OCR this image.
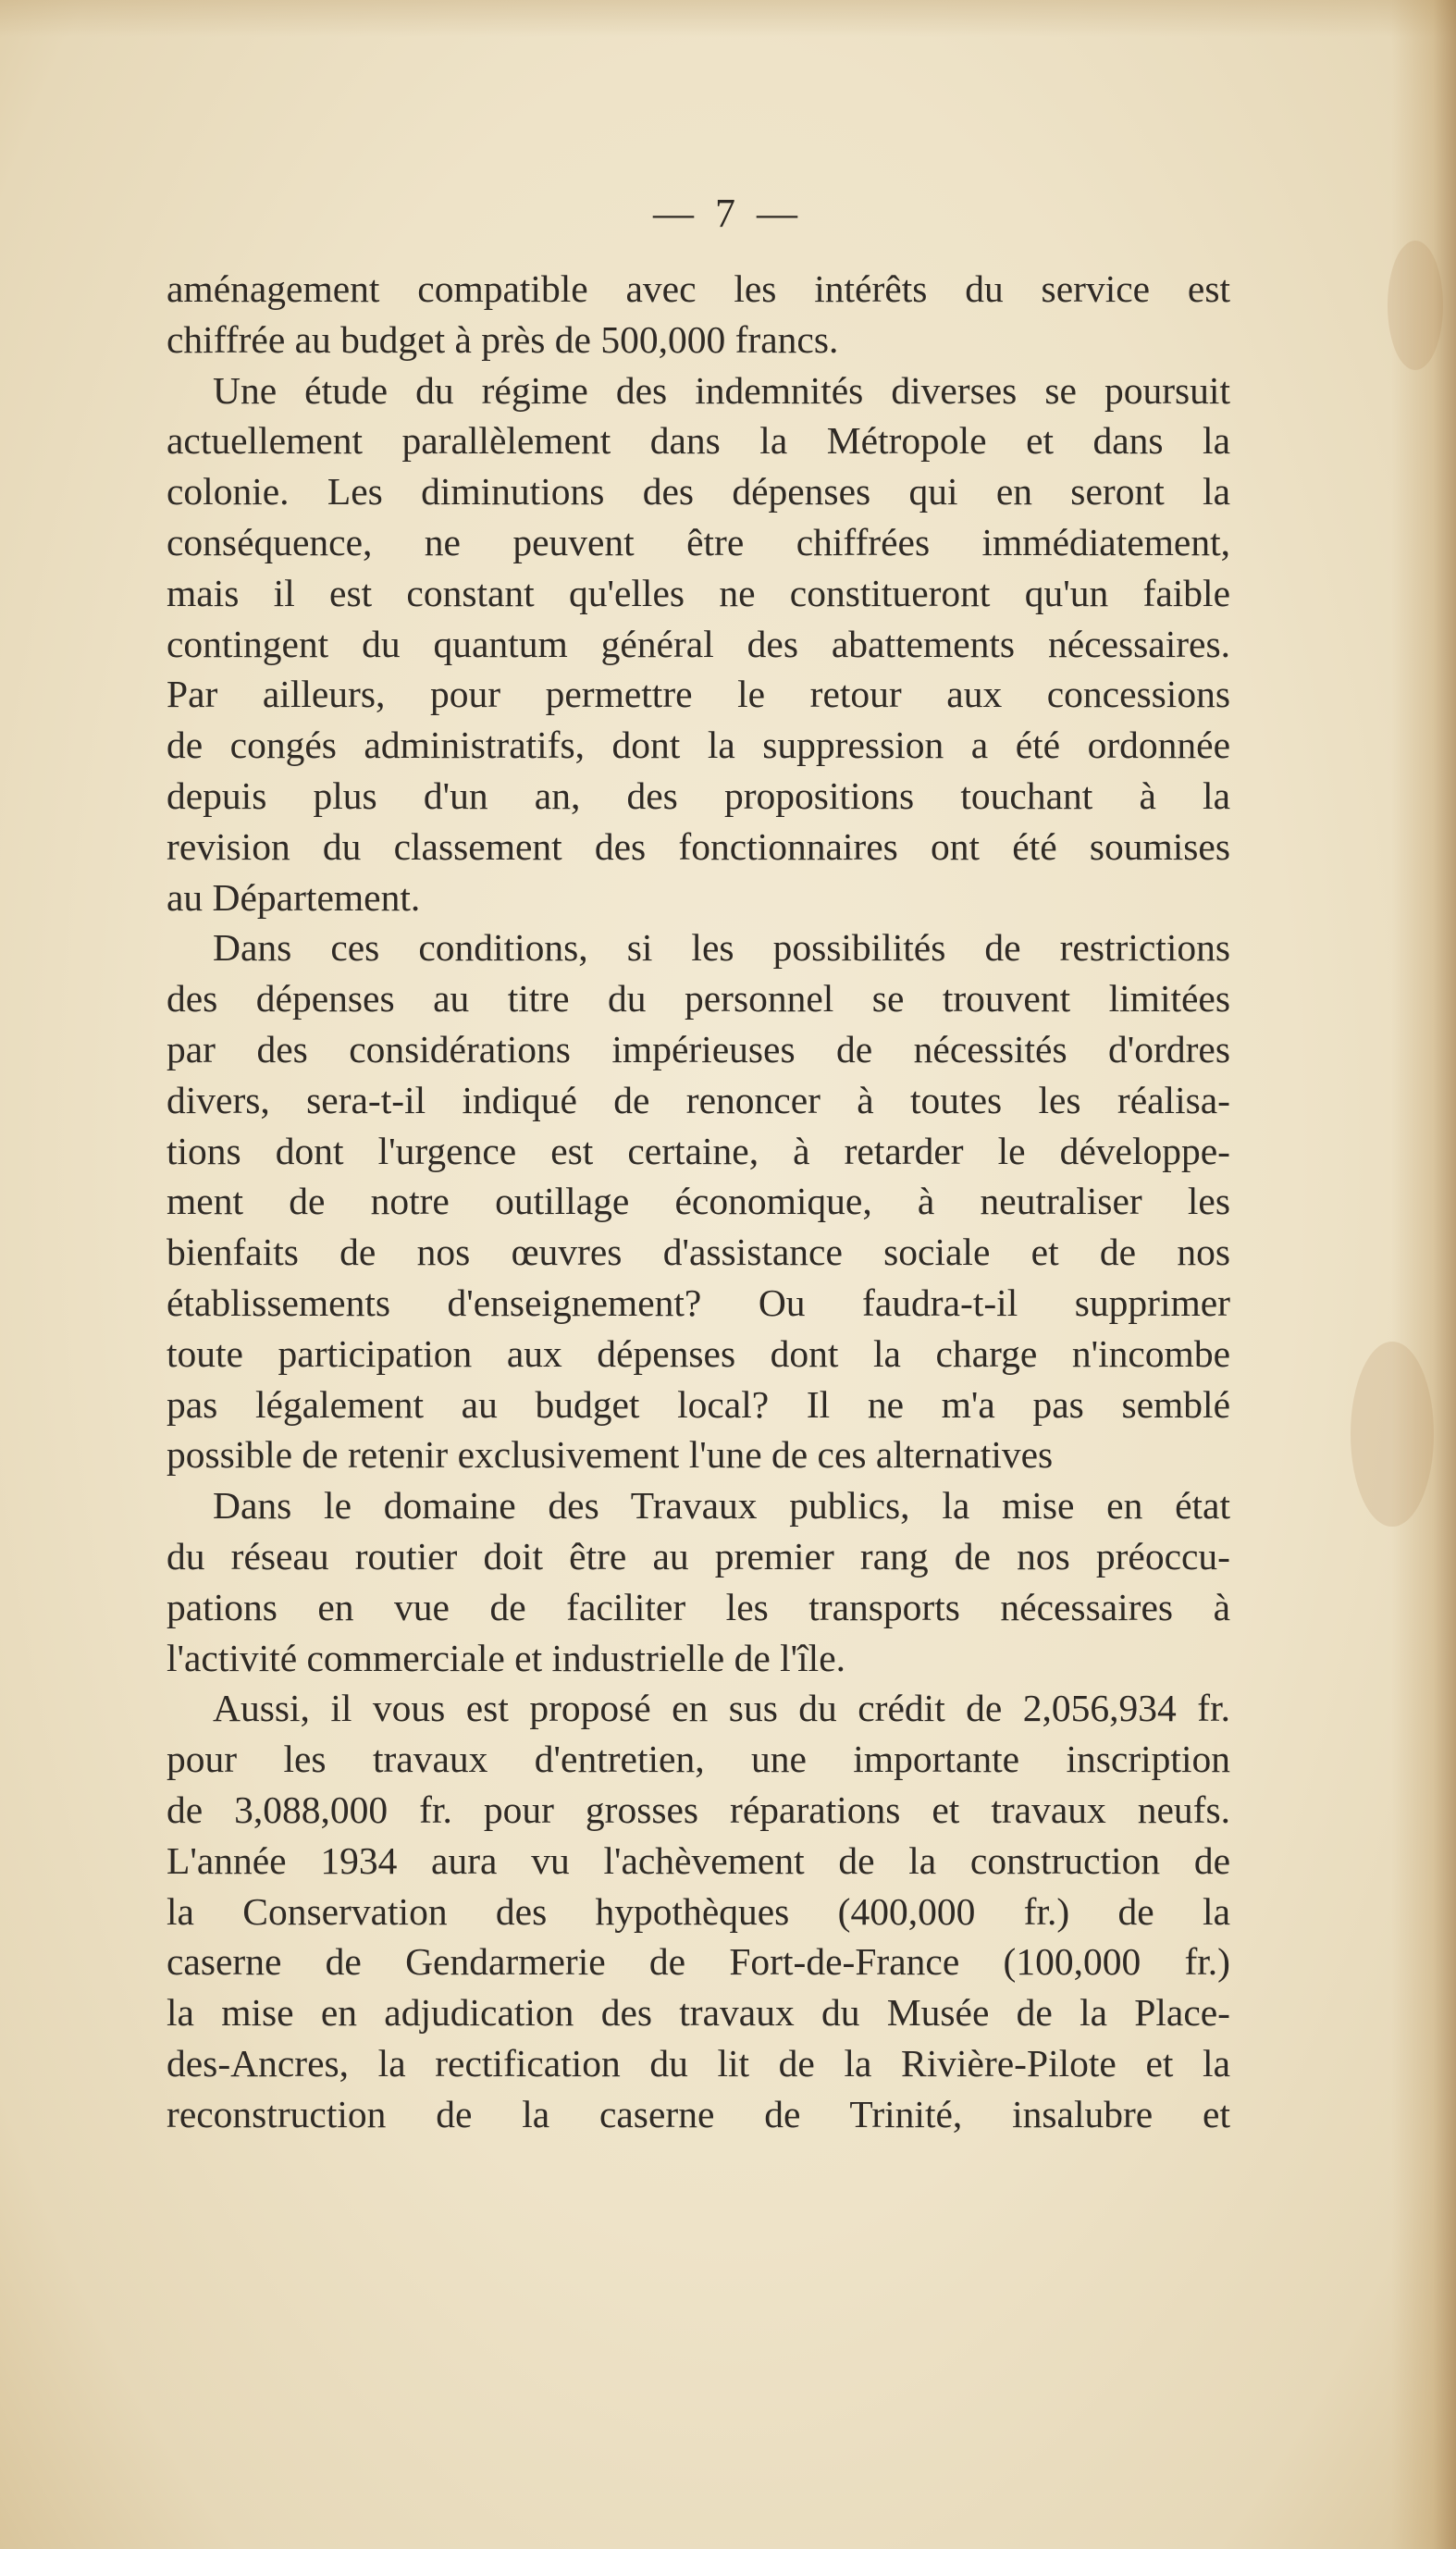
— 7 —
aménagement compatible avec les intérêts du service est
chiffrée au budget à près de 500,000 francs.
Une étude du régime des indemnités diverses se poursuit
actuellement parallèlement dans la Métropole et dans la
colonie. Les diminutions des dépenses qui en seront la
conséquence, ne peuvent être chiffrées immédiatement,
mais il est constant qu'elles ne constitueront qu'un faible
contingent du quantum général des abattements nécessaires.
Par ailleurs, pour permettre le retour aux concessions
de congés administratifs, dont la suppression a été ordonnée
depuis plus d'un an, des propositions touchant à la
revision du classement des fonctionnaires ont été soumises
au Département.
Dans ces conditions, si les possibilités de restrictions
des dépenses au titre du personnel se trouvent limitées
par des considérations impérieuses de nécessités d'ordres
divers, sera-t-il indiqué de renoncer à toutes les réalisa-
tions dont l'urgence est certaine, à retarder le développe-
ment de notre outillage économique, à neutraliser les
bienfaits de nos œuvres d'assistance sociale et de nos
établissements d'enseignement? Ou faudra-t-il supprimer
toute participation aux dépenses dont la charge n'incombe
pas légalement au budget local? Il ne m'a pas semblé
possible de retenir exclusivement l'une de ces alternatives
Dans le domaine des Travaux publics, la mise en état
du réseau routier doit être au premier rang de nos préoccu-
pations en vue de faciliter les transports nécessaires à
l'activité commerciale et industrielle de l'île.
Aussi, il vous est proposé en sus du crédit de 2,056,934 fr.
pour les travaux d'entretien, une importante inscription
de 3,088,000 fr. pour grosses réparations et travaux neufs.
L'année 1934 aura vu l'achèvement de la construction de
la Conservation des hypothèques (400,000 fr.) de la
caserne de Gendarmerie de Fort-de-France (100,000 fr.)
la mise en adjudication des travaux du Musée de la Place-
des-Ancres, la rectification du lit de la Rivière-Pilote et la
reconstruction de la caserne de Trinité, insalubre et
